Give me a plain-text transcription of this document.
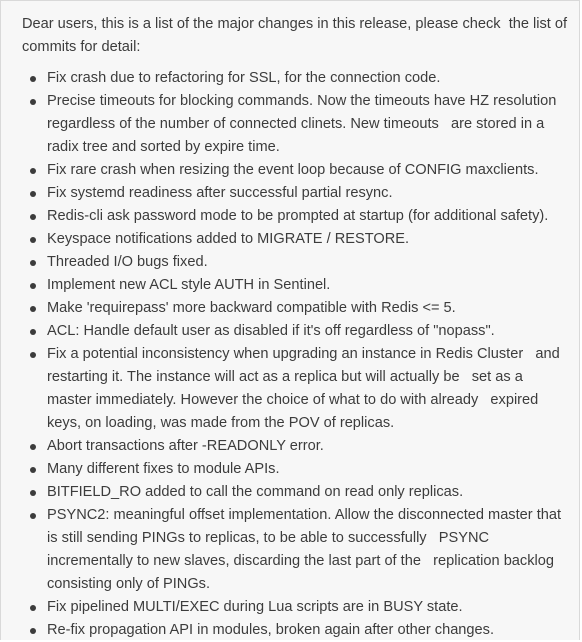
Dear users, this is a list of the major changes in this release, please check  the list of commits for detail:

Fix crash due to refactoring for SSL, for the connection code.
Precise timeouts for blocking commands. Now the timeouts have HZ resolution regardless of the number of connected clinets. New timeouts   are stored in a radix tree and sorted by expire time.
Fix rare crash when resizing the event loop because of CONFIG maxclients.
Fix systemd readiness after successful partial resync.
Redis-cli ask password mode to be prompted at startup (for additional safety).
Keyspace notifications added to MIGRATE / RESTORE.
Threaded I/O bugs fixed.
Implement new ACL style AUTH in Sentinel.
Make 'requirepass' more backward compatible with Redis <= 5.
ACL: Handle default user as disabled if it's off regardless of "nopass".
Fix a potential inconsistency when upgrading an instance in Redis Cluster   and restarting it. The instance will act as a replica but will actually be   set as a master immediately. However the choice of what to do with already   expired keys, on loading, was made from the POV of replicas.
Abort transactions after -READONLY error.
Many different fixes to module APIs.
BITFIELD_RO added to call the command on read only replicas.
PSYNC2: meaningful offset implementation. Allow the disconnected master that is still sending PINGs to replicas, to be able to successfully   PSYNC incrementally to new slaves, discarding the last part of the   replication backlog consisting only of PINGs.
Fix pipelined MULTI/EXEC during Lua scripts are in BUSY state.
Re-fix propagation API in modules, broken again after other changes.
